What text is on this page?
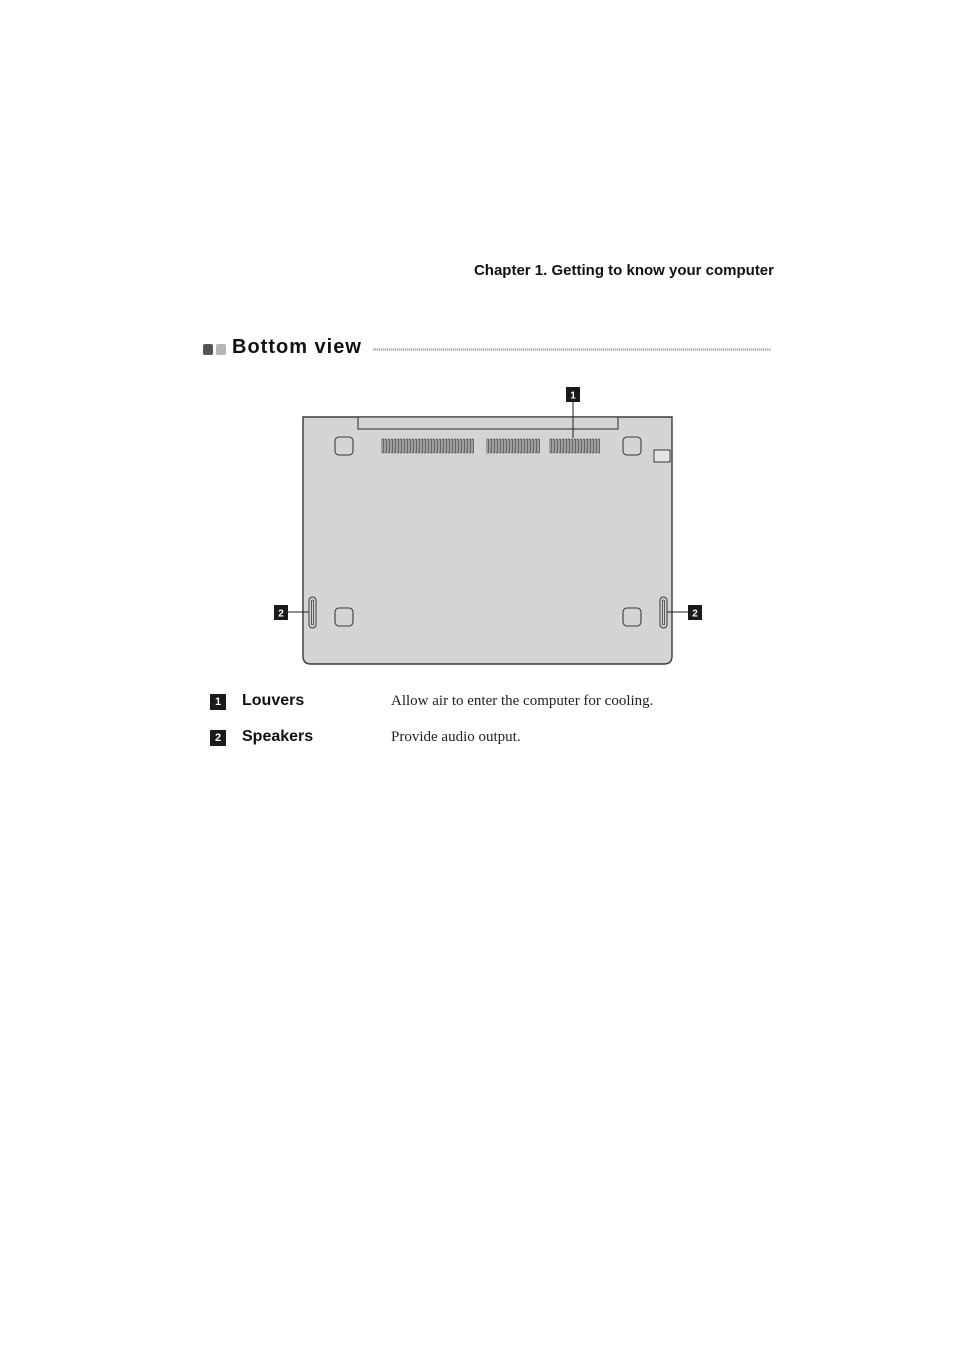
Chapter 1. Getting to know your computer
Bottom view
1
2	2
1	Louvers	Allow air to enter the computer for cooling.
2	Speakers	Provide audio output.
